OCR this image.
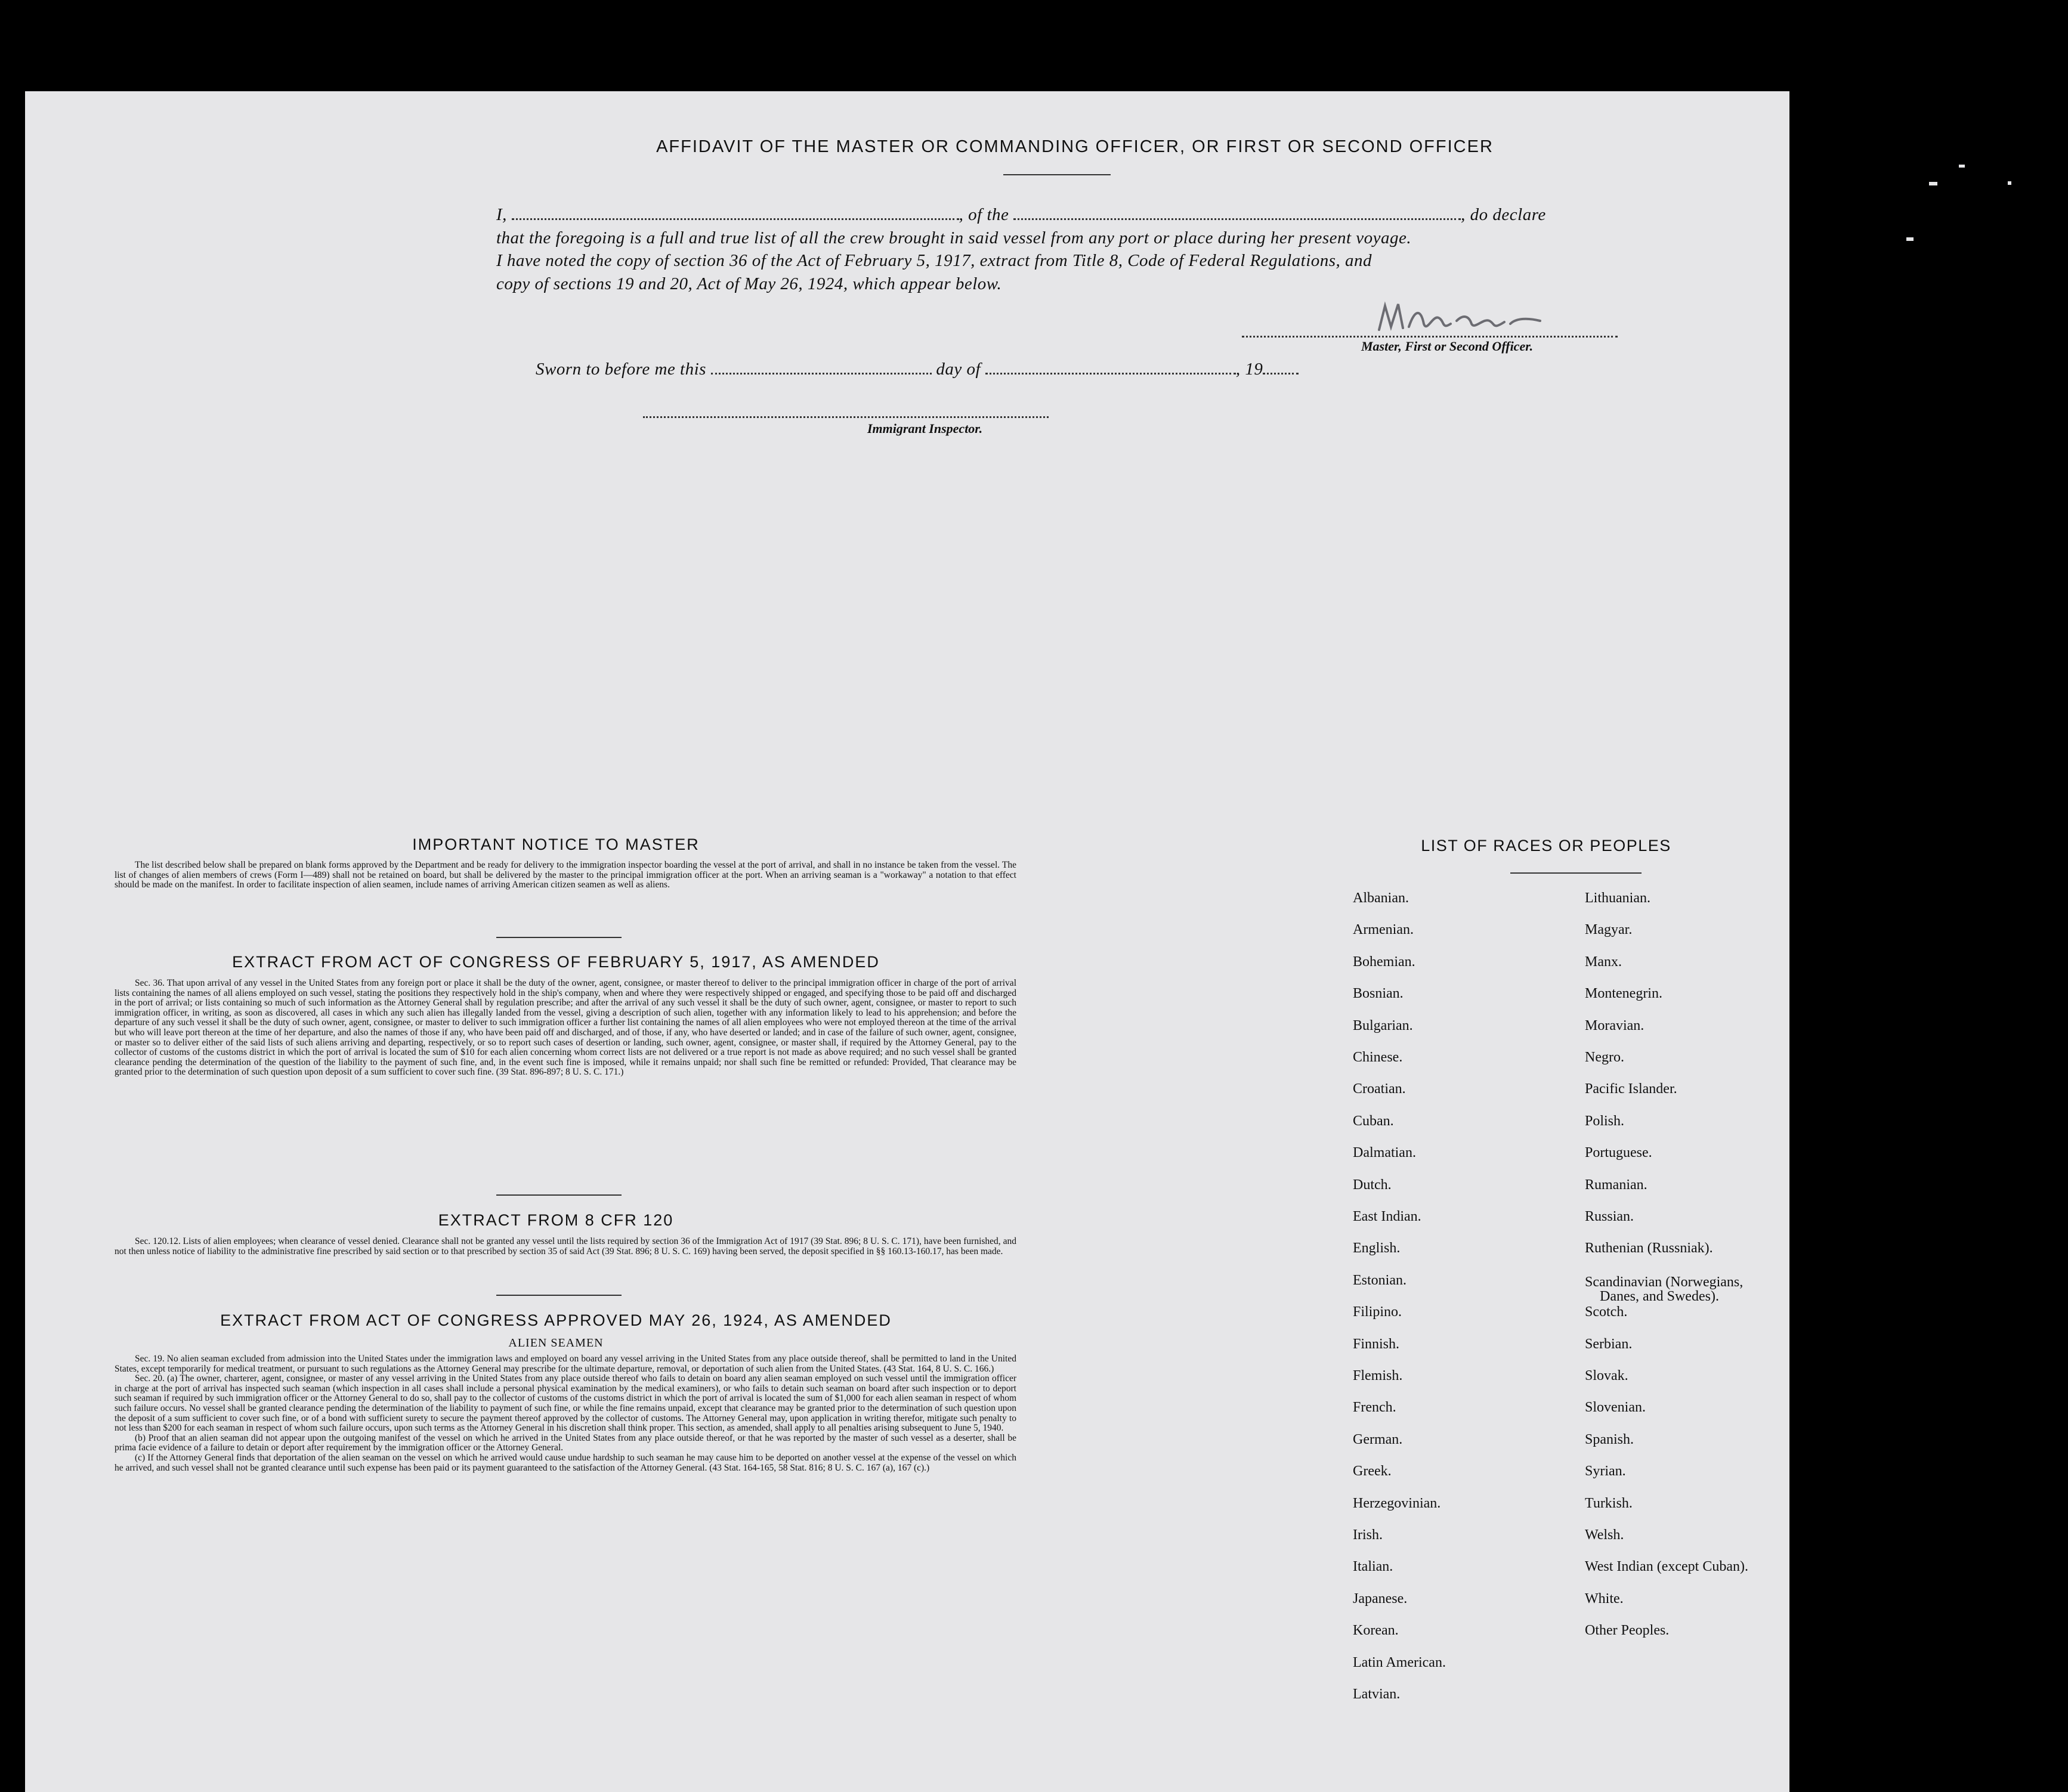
AFFIDAVIT OF THE MASTER OR COMMANDING OFFICER, OR FIRST OR SECOND OFFICER
I,	, of the	, do declare
that the foregoing is a full and true list of all the crew brought in said vessel from any port or place during her present voyage.
I have noted the copy of section 36 of the Act of February 5, 1917, extract from Title 8, Code of Federal Regulations, and
copy of sections 19 and 20, Act of May 26, 1924, which appear below.
Master, First or Second Officer.
Sworn to before me this	day of	, 19
Immigrant Inspector.
IMPORTANT NOTICE TO MASTER

The list described below shall be prepared on blank forms approved by the Department and be ready for delivery to the immigration inspector boarding the vessel at the port of arrival, and shall in no instance be taken from the vessel. The list of changes of alien members of crews (Form I—489) shall not be retained on board, but shall be delivered by the master to the principal immigration officer at the port. When an arriving seaman is a "workaway" a notation to that effect should be made on the manifest. In order to facilitate inspection of alien seamen, include names of arriving American citizen seamen as well as aliens.

EXTRACT FROM ACT OF CONGRESS OF FEBRUARY 5, 1917, AS AMENDED

Sec. 36. That upon arrival of any vessel in the United States from any foreign port or place it shall be the duty of the owner, agent, consignee, or master thereof to deliver to the principal immigration officer in charge of the port of arrival lists containing the names of all aliens employed on such vessel, stating the positions they respectively hold in the ship's company, when and where they were respectively shipped or engaged, and specifying those to be paid off and discharged in the port of arrival; or lists containing so much of such information as the Attorney General shall by regulation prescribe; and after the arrival of any such vessel it shall be the duty of such owner, agent, consignee, or master to report to such immigration officer, in writing, as soon as discovered, all cases in which any such alien has illegally landed from the vessel, giving a description of such alien, together with any information likely to lead to his apprehension; and before the departure of any such vessel it shall be the duty of such owner, agent, consignee, or master to deliver to such immigration officer a further list containing the names of all alien employees who were not employed thereon at the time of the arrival but who will leave port thereon at the time of her departure, and also the names of those if any, who have been paid off and discharged, and of those, if any, who have deserted or landed; and in case of the failure of such owner, agent, consignee, or master so to deliver either of the said lists of such aliens arriving and departing, respectively, or so to report such cases of desertion or landing, such owner, agent, consignee, or master shall, if required by the Attorney General, pay to the collector of customs of the customs district in which the port of arrival is located the sum of $10 for each alien concerning whom correct lists are not delivered or a true report is not made as above required; and no such vessel shall be granted clearance pending the determination of the question of the liability to the payment of such fine, and, in the event such fine is imposed, while it remains unpaid; nor shall such fine be remitted or refunded: Provided, That clearance may be granted prior to the determination of such question upon deposit of a sum sufficient to cover such fine. (39 Stat. 896-897; 8 U. S. C. 171.)

EXTRACT FROM 8 CFR 120

Sec. 120.12. Lists of alien employees; when clearance of vessel denied. Clearance shall not be granted any vessel until the lists required by section 36 of the Immigration Act of 1917 (39 Stat. 896; 8 U. S. C. 171), have been furnished, and not then unless notice of liability to the administrative fine prescribed by said section or to that prescribed by section 35 of said Act (39 Stat. 896; 8 U. S. C. 169) having been served, the deposit specified in §§ 160.13-160.17, has been made.

EXTRACT FROM ACT OF CONGRESS APPROVED MAY 26, 1924, AS AMENDED
ALIEN SEAMEN

Sec. 19. No alien seaman excluded from admission into the United States under the immigration laws and employed on board any vessel arriving in the United States from any place outside thereof, shall be permitted to land in the United States, except temporarily for medical treatment, or pursuant to such regulations as the Attorney General may prescribe for the ultimate departure, removal, or deportation of such alien from the United States. (43 Stat. 164, 8 U. S. C. 166.)

Sec. 20. (a) The owner, charterer, agent, consignee, or master of any vessel arriving in the United States from any place outside thereof who fails to detain on board any alien seaman employed on such vessel until the immigration officer in charge at the port of arrival has inspected such seaman (which inspection in all cases shall include a personal physical examination by the medical examiners), or who fails to detain such seaman on board after such inspection or to deport such seaman if required by such immigration officer or the Attorney General to do so, shall pay to the collector of customs of the customs district in which the port of arrival is located the sum of $1,000 for each alien seaman in respect of whom such failure occurs. No vessel shall be granted clearance pending the determination of the liability to payment of such fine, or while the fine remains unpaid, except that clearance may be granted prior to the determination of such question upon the deposit of a sum sufficient to cover such fine, or of a bond with sufficient surety to secure the payment thereof approved by the collector of customs. The Attorney General may, upon application in writing therefor, mitigate such penalty to not less than $200 for each seaman in respect of whom such failure occurs, upon such terms as the Attorney General in his discretion shall think proper. This section, as amended, shall apply to all penalties arising subsequent to June 5, 1940.

(b) Proof that an alien seaman did not appear upon the outgoing manifest of the vessel on which he arrived in the United States from any place outside thereof, or that he was reported by the master of such vessel as a deserter, shall be prima facie evidence of a failure to detain or deport after requirement by the immigration officer or the Attorney General.

(c) If the Attorney General finds that deportation of the alien seaman on the vessel on which he arrived would cause undue hardship to such seaman he may cause him to be deported on another vessel at the expense of the vessel on which he arrived, and such vessel shall not be granted clearance until such expense has been paid or its payment guaranteed to the satisfaction of the Attorney General. (43 Stat. 164-165, 58 Stat. 816; 8 U. S. C. 167 (a), 167 (c).)

LIST OF RACES OR PEOPLES
Albanian.
Armenian.
Bohemian.
Bosnian.
Bulgarian.
Chinese.
Croatian.
Cuban.
Dalmatian.
Dutch.
East Indian.
English.
Estonian.
Filipino.
Finnish.
Flemish.
French.
German.
Greek.
Herzegovinian.
Irish.
Italian.
Japanese.
Korean.
Latin American.
Latvian.
Lithuanian.
Magyar.
Manx.
Montenegrin.
Moravian.
Negro.
Pacific Islander.
Polish.
Portuguese.
Rumanian.
Russian.
Ruthenian (Russniak).
Scandinavian (Norwegians,
Danes, and Swedes).
Scotch.
Serbian.
Slovak.
Slovenian.
Spanish.
Syrian.
Turkish.
Welsh.
West Indian (except Cuban).
White.
Other Peoples.
